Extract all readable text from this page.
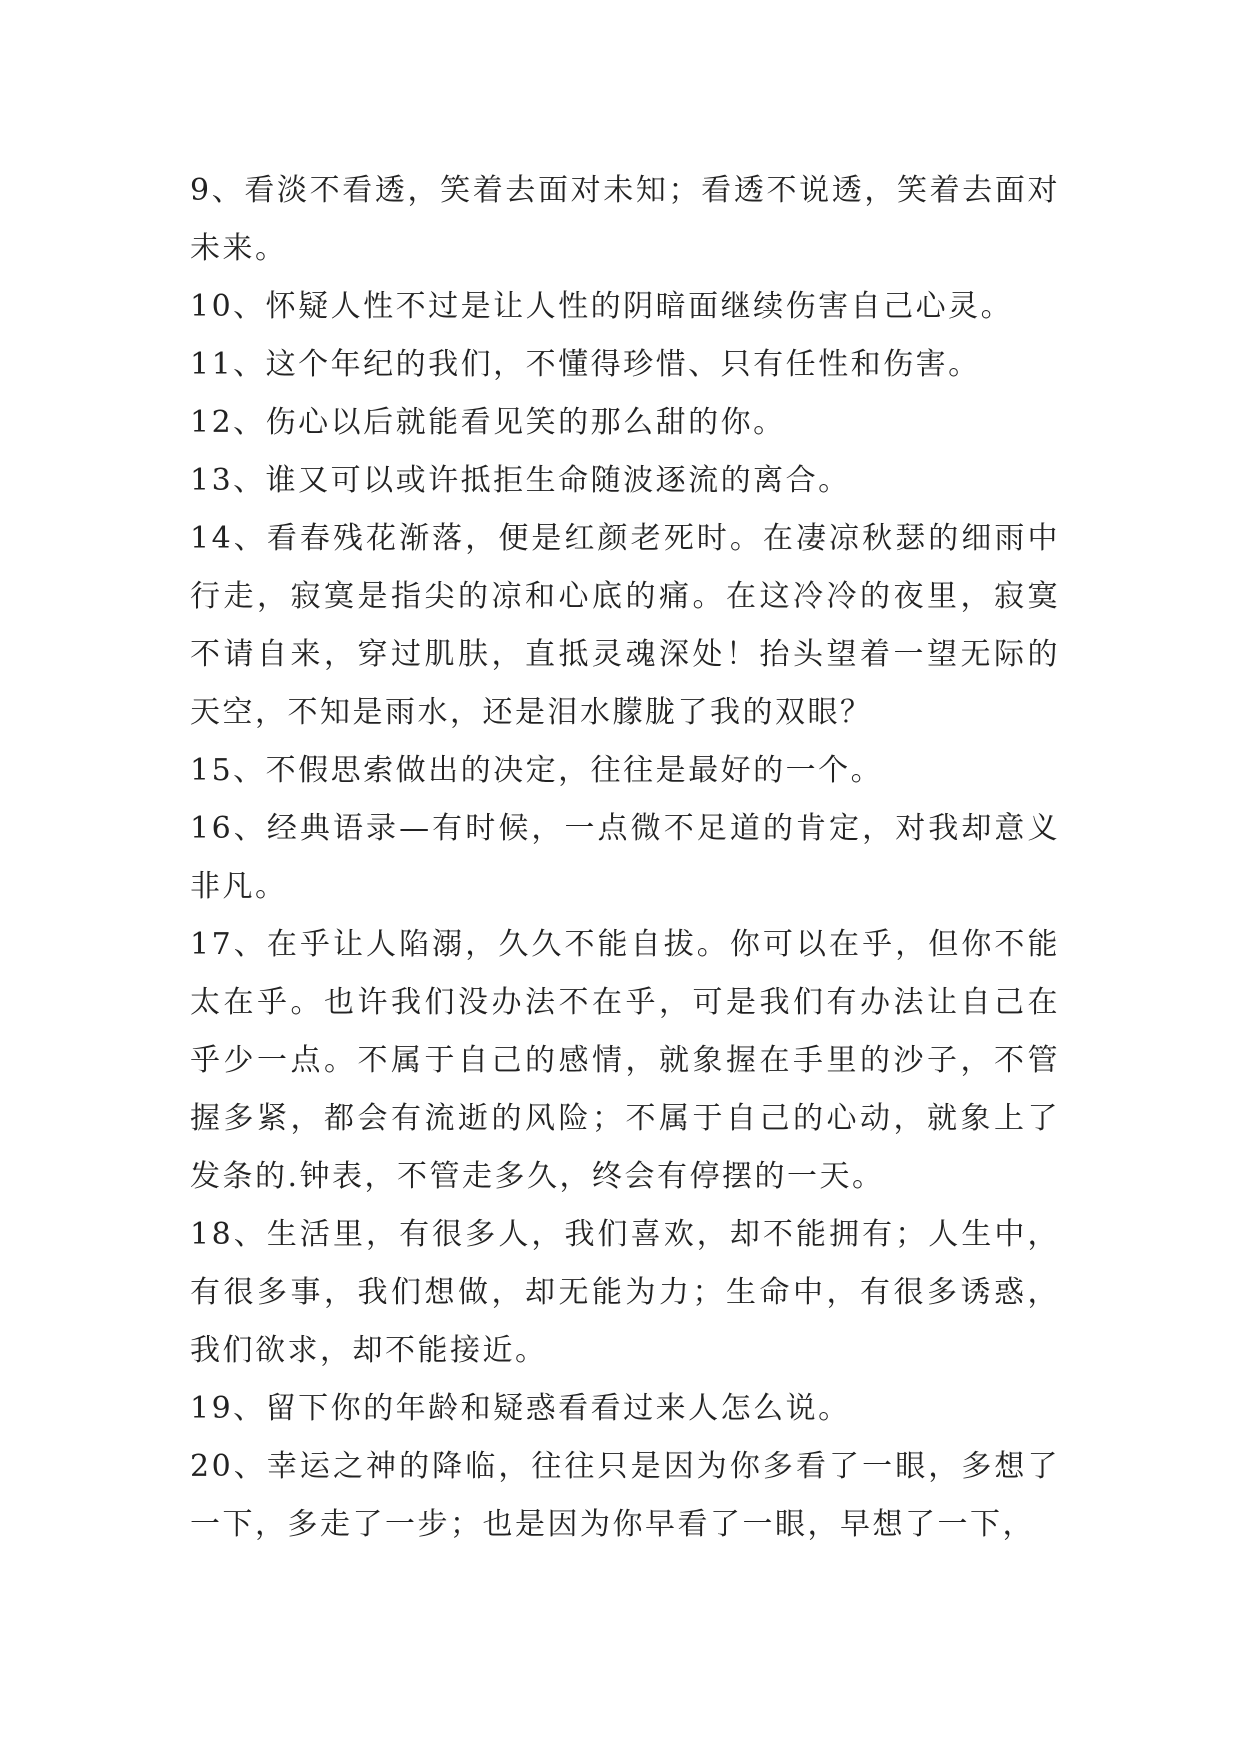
9、看淡不看透，笑着去面对未知；看透不说透，笑着去面对未来。

10、怀疑人性不过是让人性的阴暗面继续伤害自己心灵。

11、这个年纪的我们，不懂得珍惜、只有任性和伤害。

12、伤心以后就能看见笑的那么甜的你。

13、谁又可以或许抵拒生命随波逐流的离合。

14、看春残花渐落，便是红颜老死时。在凄凉秋瑟的细雨中行走，寂寞是指尖的凉和心底的痛。在这冷冷的夜里，寂寞不请自来，穿过肌肤，直抵灵魂深处！抬头望着一望无际的天空，不知是雨水，还是泪水朦胧了我的双眼？

15、不假思索做出的决定，往往是最好的一个。

16、经典语录—有时候，一点微不足道的肯定，对我却意义非凡。

17、在乎让人陷溺，久久不能自拔。你可以在乎，但你不能太在乎。也许我们没办法不在乎，可是我们有办法让自己在乎少一点。不属于自己的感情，就象握在手里的沙子，不管握多紧，都会有流逝的风险；不属于自己的心动，就象上了发条的.钟表，不管走多久，终会有停摆的一天。

18、生活里，有很多人，我们喜欢，却不能拥有；人生中，有很多事，我们想做，却无能为力；生命中，有很多诱惑，我们欲求，却不能接近。

19、留下你的年龄和疑惑看看过来人怎么说。

20、幸运之神的降临，往往只是因为你多看了一眼，多想了一下，多走了一步；也是因为你早看了一眼，早想了一下，
